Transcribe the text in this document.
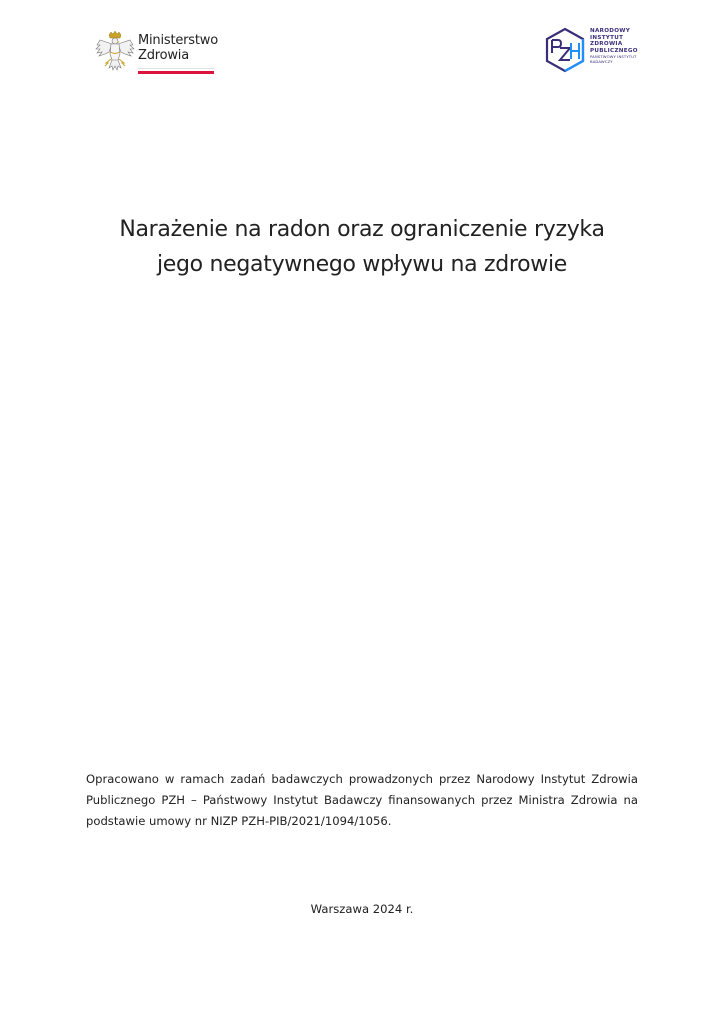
Ministerstwo
Zdrowia
NARODOWY
INSTYTUT
ZDROWIA
PUBLICZNEGO
PAŃSTWOWY INSTYTUT
BADAWCZY
Narażenie na radon oraz ograniczenie ryzyka
jego negatywnego wpływu na zdrowie

Opracowano w ramach zadań badawczych prowadzonych przez Narodowy Instytut Zdrowia
Publicznego PZH – Państwowy Instytut Badawczy finansowanych przez Ministra Zdrowia na
podstawie umowy nr NIZP PZH-PIB/2021/1094/1056.

Warszawa 2024 r.
